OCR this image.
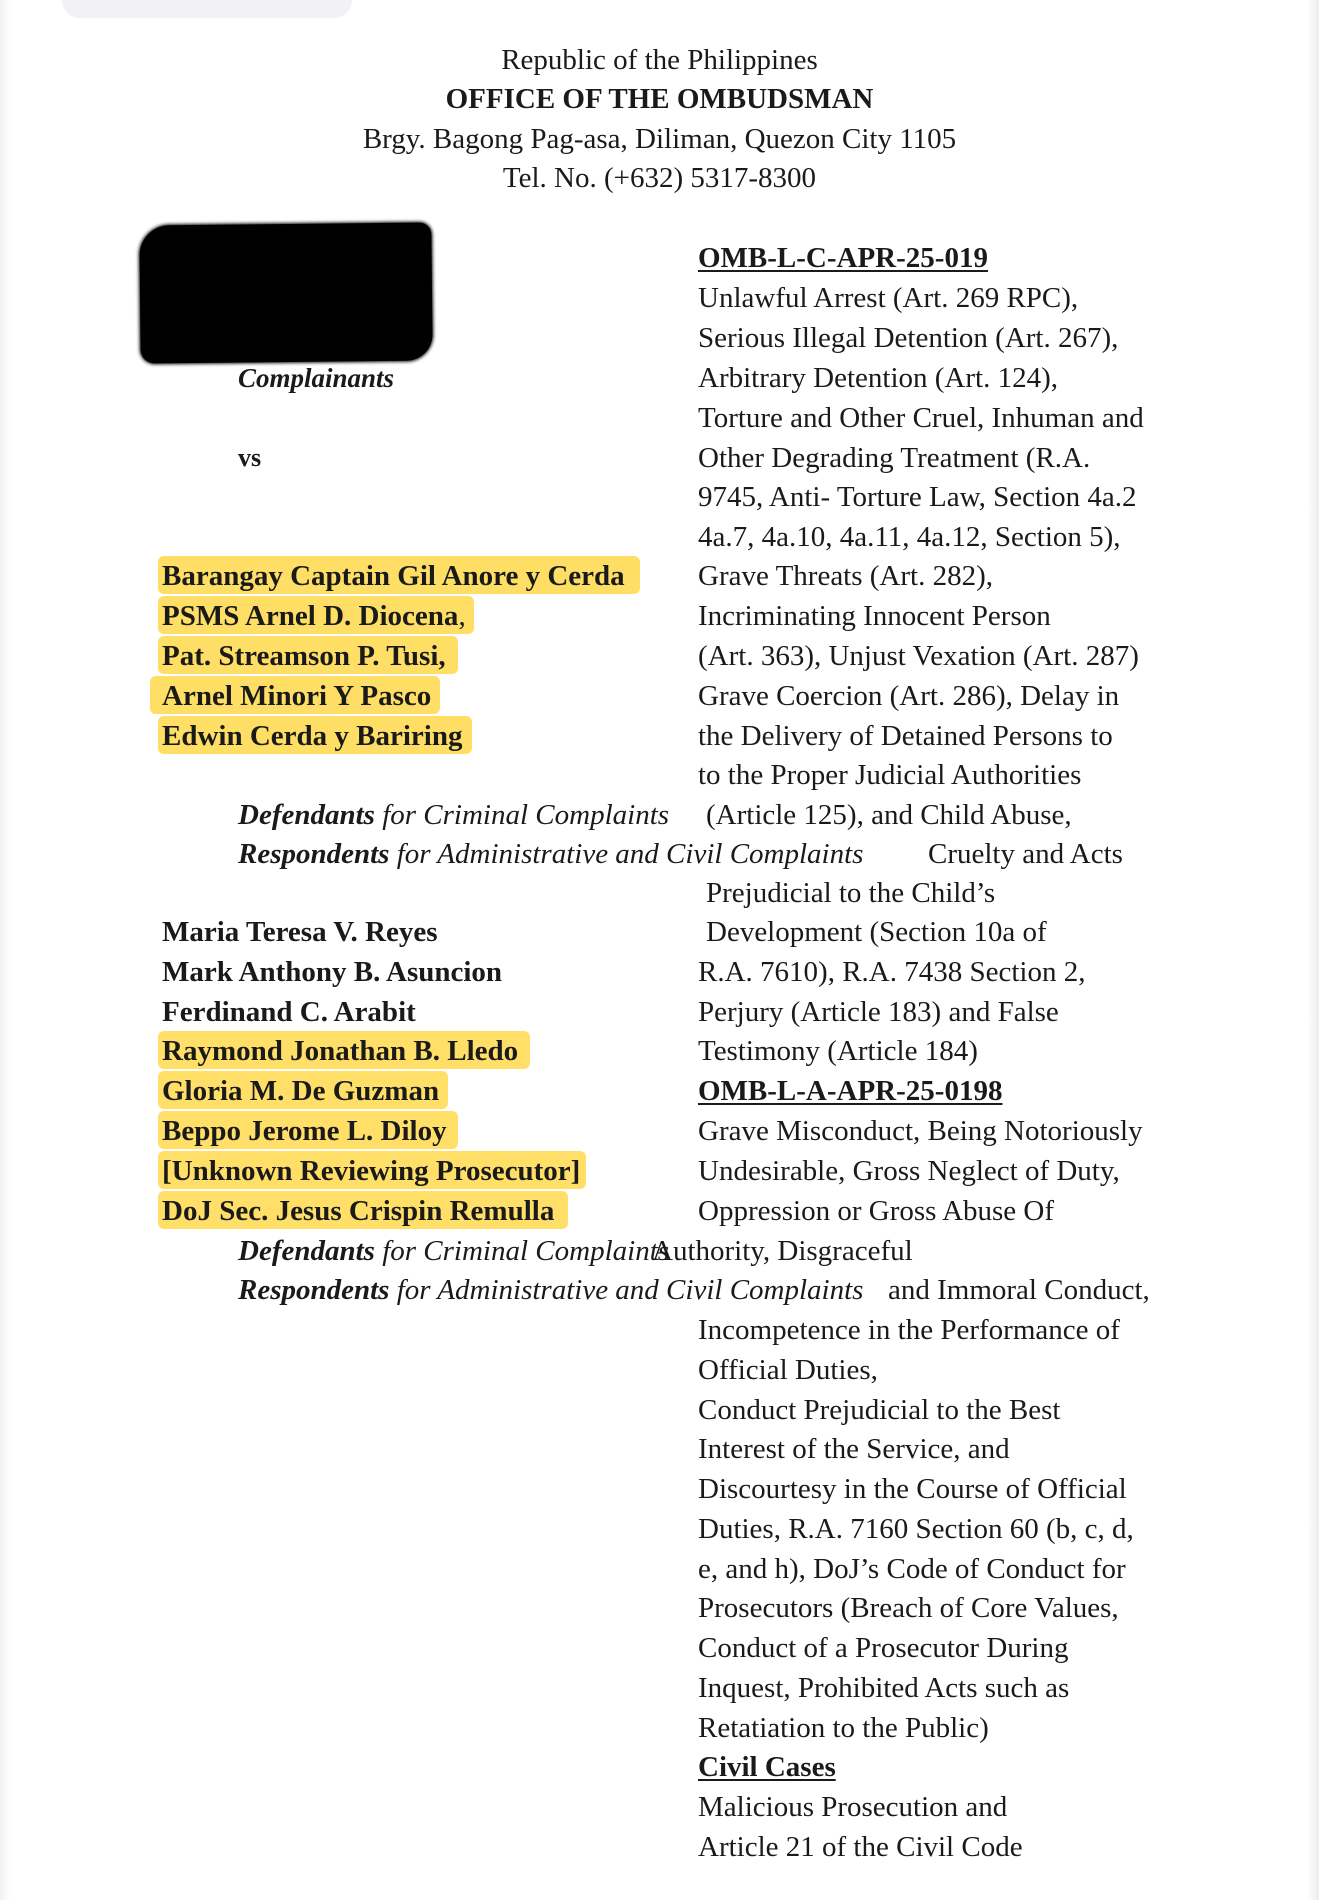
Republic of the Philippines
OFFICE OF THE OMBUDSMAN
Brgy. Bagong Pag-asa, Diliman, Quezon City 1105
Tel. No. (+632) 5317-8300
Complainants
vs
Barangay Captain Gil Anore y Cerda
PSMS Arnel D. Diocena,
Pat. Streamson P. Tusi,
Arnel Minori Y Pasco
Edwin Cerda y Bariring
Defendants for Criminal Complaints
Respondents for Administrative and Civil Complaints
Maria Teresa V. Reyes
Mark Anthony B. Asuncion
Ferdinand C. Arabit
Raymond Jonathan B. Lledo
Gloria M. De Guzman
Beppo Jerome L. Diloy
[Unknown Reviewing Prosecutor]
DoJ Sec. Jesus Crispin Remulla
Defendants for Criminal Complaints
Respondents for Administrative and Civil Complaints
OMB-L-C-APR-25-019
Unlawful Arrest (Art. 269 RPC),
Serious Illegal Detention (Art. 267),
Arbitrary Detention (Art. 124),
Torture and Other Cruel, Inhuman and
Other Degrading Treatment (R.A.
9745, Anti- Torture Law, Section 4a.2
4a.7, 4a.10, 4a.11, 4a.12, Section 5),
Grave Threats (Art. 282),
Incriminating Innocent Person
(Art. 363), Unjust Vexation (Art. 287)
Grave Coercion (Art. 286), Delay in
the Delivery of Detained Persons to
to the Proper Judicial Authorities
(Article 125), and Child Abuse,
Cruelty and Acts
Prejudicial to the Child’s
Development (Section 10a of
R.A. 7610), R.A. 7438 Section 2,
Perjury (Article 183) and False
Testimony (Article 184)
OMB-L-A-APR-25-0198
Grave Misconduct, Being Notoriously
Undesirable, Gross Neglect of Duty,
Oppression or Gross Abuse Of
Authority, Disgraceful
and Immoral Conduct,
Incompetence in the Performance of
Official Duties,
Conduct Prejudicial to the Best
Interest of the Service, and
Discourtesy in the Course of Official
Duties, R.A. 7160 Section 60 (b, c, d,
e, and h), DoJ’s Code of Conduct for
Prosecutors (Breach of Core Values,
Conduct of a Prosecutor During
Inquest, Prohibited Acts such as
Retatiation to the Public)
Civil Cases
Malicious Prosecution and
Article 21 of the Civil Code
